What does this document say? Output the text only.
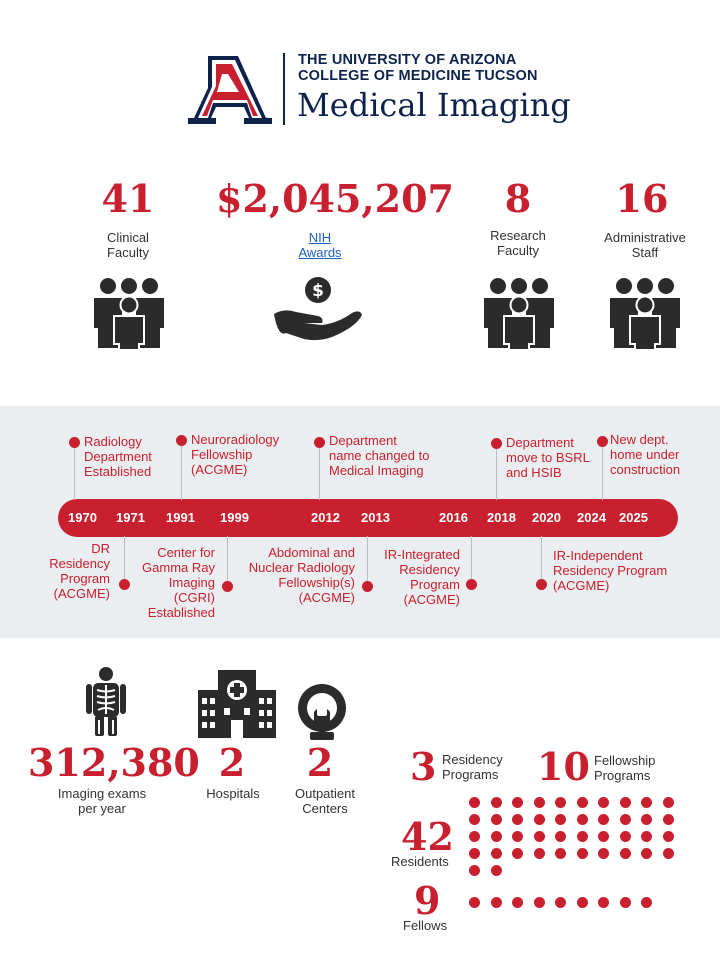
®
THE UNIVERSITY OF ARIZONA
COLLEGE OF MEDICINE TUCSON
Medical Imaging
41
Clinical
Faculty
$2,045,207
NIH
Awards
8
Research
Faculty
16
Administrative
Staff
$
1970 1971 1991 1999	2012 2013	2016 2018 2020 2024 2025
Radiology
Department
Established
Neuroradiology
Fellowship
(ACGME)
Department
name changed to
Medical Imaging
Department
move to BSRL
and HSIB
New dept.
home under
construction
DR
Residency
Program
(ACGME)
Center for
Gamma Ray
Imaging
(CGRI)
Established
Abdominal and
Nuclear Radiology
Fellowship(s)
(ACGME)
IR-Integrated
Residency
Program
(ACGME)
IR-Independent
Residency Program
(ACGME)
312,380
Imaging exams
per year
2
Hospitals
2
Outpatient
Centers
3 Residency
Programs 10 Fellowship
Programs
42
Residents
9
Fellows
